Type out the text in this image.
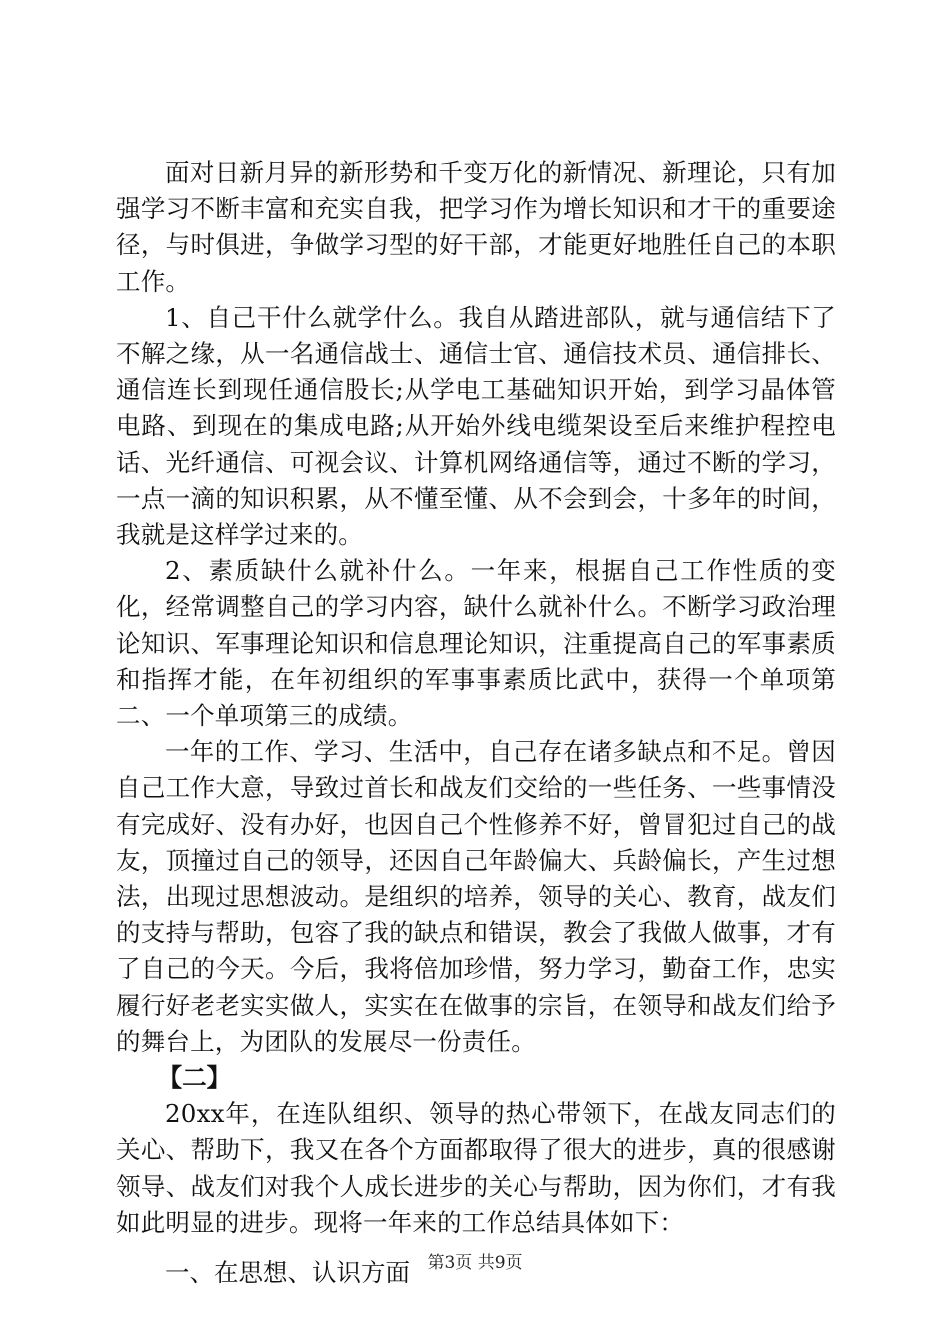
面对日新月异的新形势和千变万化的新情况、新理论，只有加强学习不断丰富和充实自我，把学习作为增长知识和才干的重要途径，与时俱进，争做学习型的好干部，才能更好地胜任自己的本职工作。

1、自己干什么就学什么。我自从踏进部队，就与通信结下了不解之缘，从一名通信战士、通信士官、通信技术员、通信排长、通信连长到现任通信股长;从学电工基础知识开始，到学习晶体管电路、到现在的集成电路;从开始外线电缆架设至后来维护程控电话、光纤通信、可视会议、计算机网络通信等，通过不断的学习，一点一滴的知识积累，从不懂至懂、从不会到会，十多年的时间，我就是这样学过来的。

2、素质缺什么就补什么。一年来，根据自己工作性质的变化，经常调整自己的学习内容，缺什么就补什么。不断学习政治理论知识、军事理论知识和信息理论知识，注重提高自己的军事素质和指挥才能，在年初组织的军事事素质比武中，获得一个单项第二、一个单项第三的成绩。

一年的工作、学习、生活中，自己存在诸多缺点和不足。曾因自己工作大意，导致过首长和战友们交给的一些任务、一些事情没有完成好、没有办好，也因自己个性修养不好，曾冒犯过自己的战友，顶撞过自己的领导，还因自己年龄偏大、兵龄偏长，产生过想法，出现过思想波动。是组织的培养，领导的关心、教育，战友们的支持与帮助，包容了我的缺点和错误，教会了我做人做事，才有了自己的今天。今后，我将倍加珍惜，努力学习，勤奋工作，忠实履行好老老实实做人，实实在在做事的宗旨，在领导和战友们给予的舞台上，为团队的发展尽一份责任。

【二】

20xx年，在连队组织、领导的热心带领下，在战友同志们的关心、帮助下，我又在各个方面都取得了很大的进步，真的很感谢领导、战友们对我个人成长进步的关心与帮助，因为你们，才有我如此明显的进步。现将一年来的工作总结具体如下：

一、在思想、认识方面	第3页 共9页
